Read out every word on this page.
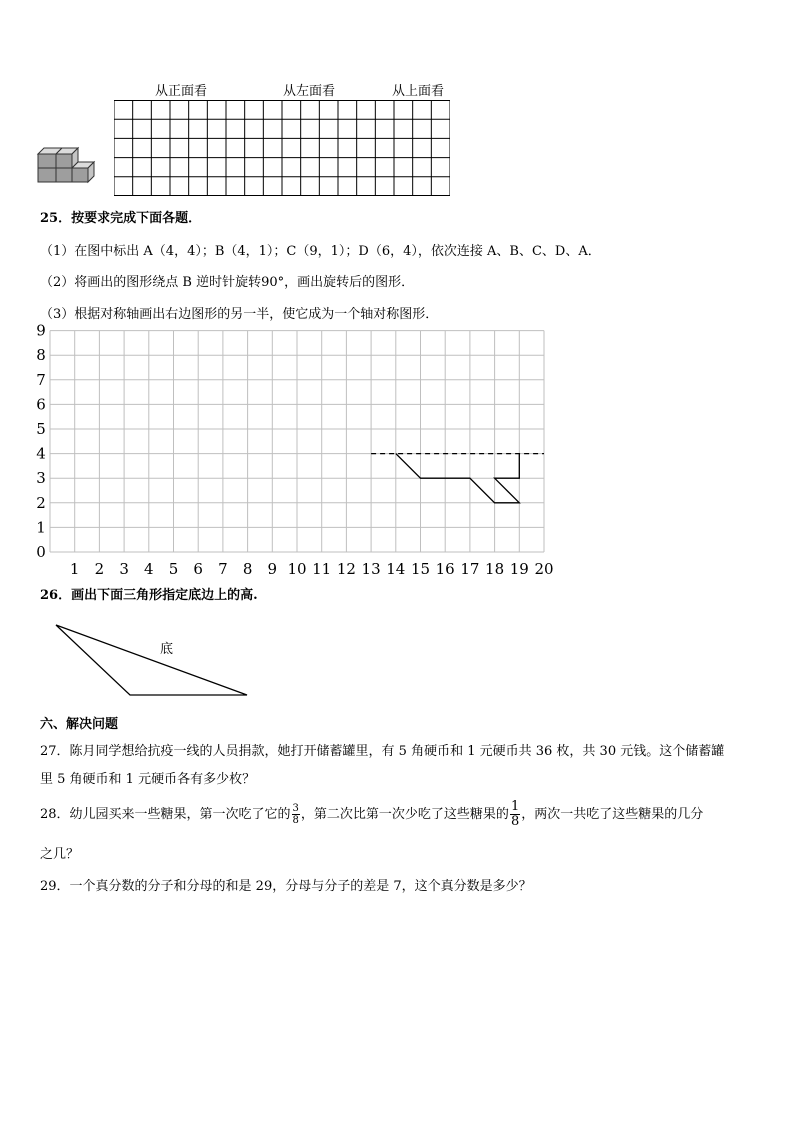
从正面看	从左面看	从上面看
25．按要求完成下面各题．
（1）在图中标出 A（4，4）；B（4，1）；C（9，1）；D（6，4），依次连接 A、B、C、D、A．
（2）将画出的图形绕点 B 逆时针旋转90°，画出旋转后的图形．
（3）根据对称轴画出右边图形的另一半，使它成为一个轴对称图形．
0
1
2
3
4
5
6
7
8
9
1 2 3 4 5 6 7 8 9 10 11 12 13 14 15 16 17 18 19 20
26．画出下面三角形指定底边上的高.
底
六、解决问题
27．陈月同学想给抗疫一线的人员捐款，她打开储蓄罐里，有 5 角硬币和 1 元硬币共 36 枚，共 30 元钱。这个储蓄罐
里 5 角硬币和 1 元硬币各有多少枚？
28．幼儿园买来一些糖果，第一次吃了它的 $\frac{3}{8}$ ，第二次比第一次少吃了这些糖果的 $\frac{1}{8}$ ，两次一共吃了这些糖果的几分
之几？
29．一个真分数的分子和分母的和是 29，分母与分子的差是 7，这个真分数是多少？
